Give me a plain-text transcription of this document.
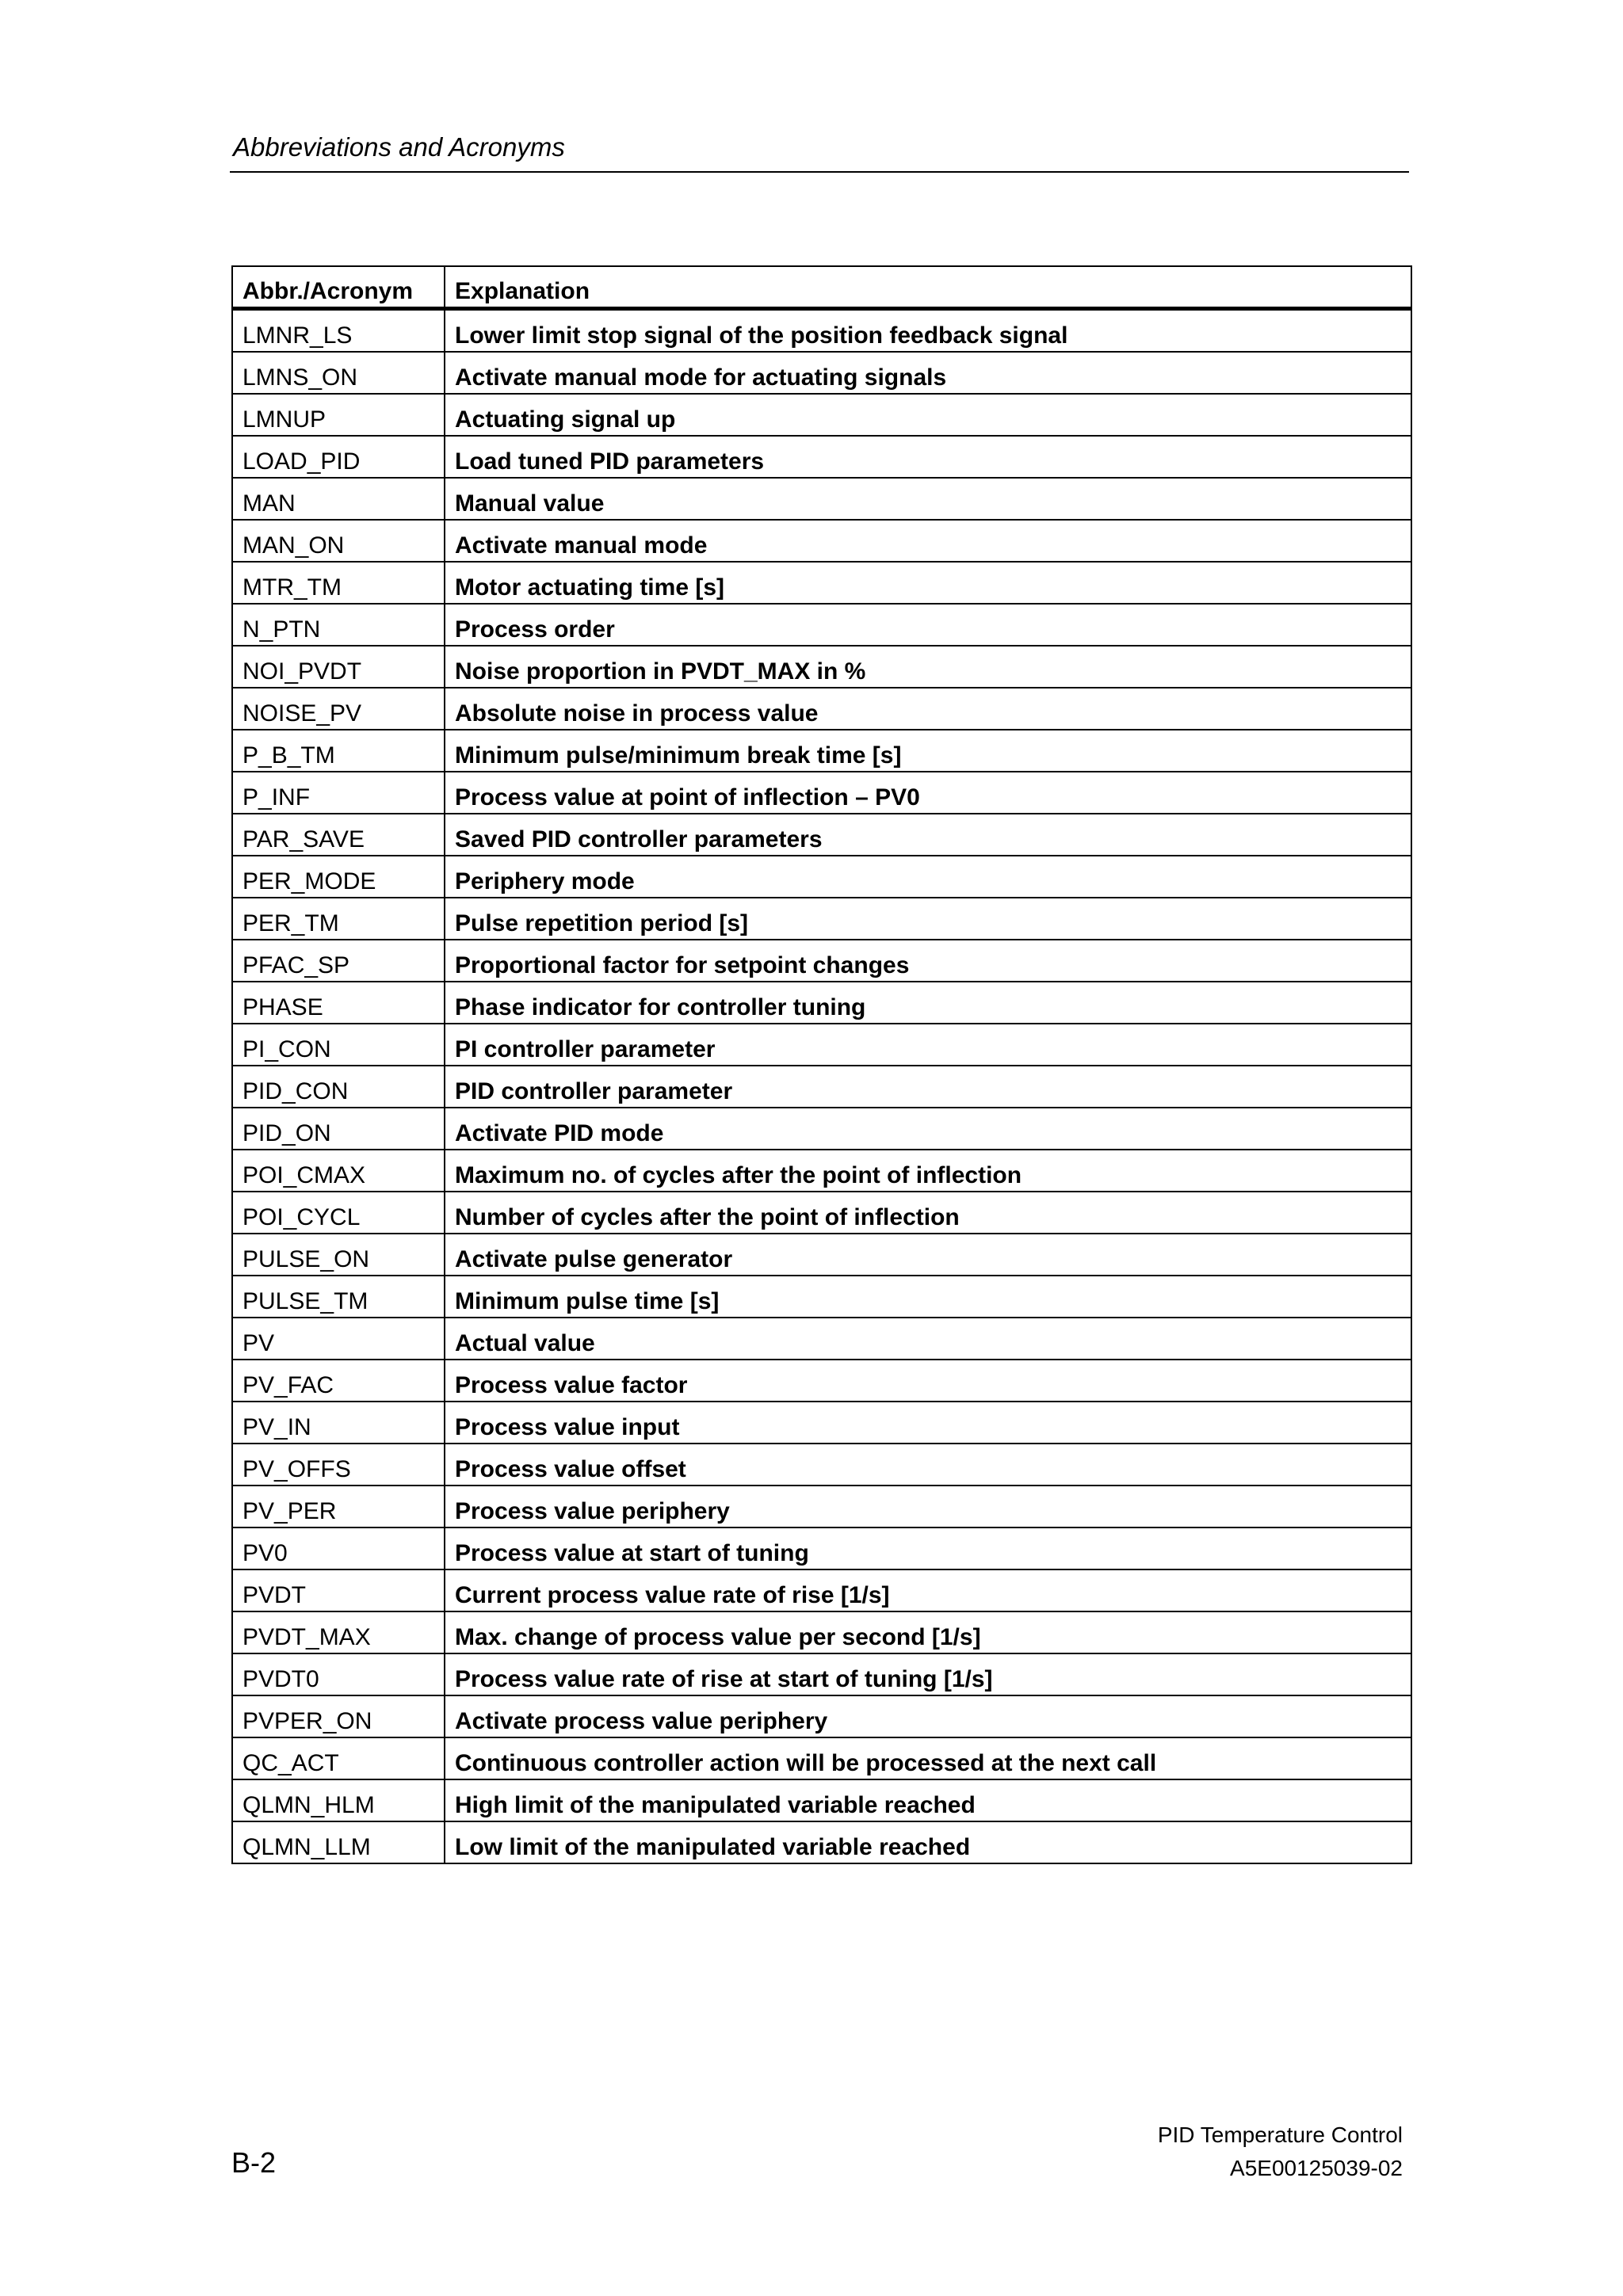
Abbreviations and Acronyms
Abbr./Acronym	Explanation
LMNR_LS	Lower limit stop signal of the position feedback signal
LMNS_ON	Activate manual mode for actuating signals
LMNUP	Actuating signal up
LOAD_PID	Load tuned PID parameters
MAN	Manual value
MAN_ON	Activate manual mode
MTR_TM	Motor actuating time [s]
N_PTN	Process order
NOI_PVDT	Noise proportion in PVDT_MAX in %
NOISE_PV	Absolute noise in process value
P_B_TM	Minimum pulse/minimum break time [s]
P_INF	Process value at point of inflection – PV0
PAR_SAVE	Saved PID controller parameters
PER_MODE	Periphery mode
PER_TM	Pulse repetition period [s]
PFAC_SP	Proportional factor for setpoint changes
PHASE	Phase indicator for controller tuning
PI_CON	PI controller parameter
PID_CON	PID controller parameter
PID_ON	Activate PID mode
POI_CMAX	Maximum no. of cycles after the point of inflection
POI_CYCL	Number of cycles after the point of inflection
PULSE_ON	Activate pulse generator
PULSE_TM	Minimum pulse time [s]
PV	Actual value
PV_FAC	Process value factor
PV_IN	Process value input
PV_OFFS	Process value offset
PV_PER	Process value periphery
PV0	Process value at start of tuning
PVDT	Current process value rate of rise [1/s]
PVDT_MAX	Max. change of process value per second [1/s]
PVDT0	Process value rate of rise at start of tuning [1/s]
PVPER_ON	Activate process value periphery
QC_ACT	Continuous controller action will be processed at the next call
QLMN_HLM	High limit of the manipulated variable reached
QLMN_LLM	Low limit of the manipulated variable reached
B-2
PID Temperature Control
A5E00125039-02
